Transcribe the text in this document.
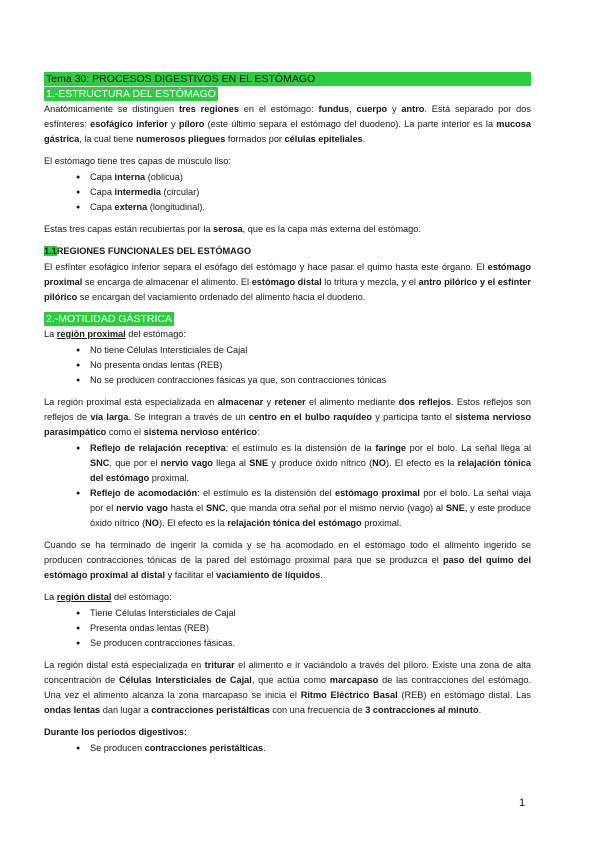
Tema 30: PROCESOS DIGESTIVOS EN EL ESTÓMAGO
1.-ESTRUCTURA DEL ESTÓMAGO

Anatómicamente se distinguen tres regiones en el estómago: fundus, cuerpo y antro. Está separado por dos esfínteres: esofágico inferior y píloro (este último separa el estómago del duodeno). La parte interior es la mucosa gástrica, la cual tiene numerosos pliegues formados por células epiteliales.

El estómago tiene tres capas de músculo liso:

● Capa interna (oblicua)
● Capa intermedia (circular)
● Capa externa (longitudinal).

Estas tres capas están recubiertas por la serosa, que es la capa más externa del estómago.

1.1REGIONES FUNCIONALES DEL ESTÓMAGO

El esfínter esofágico inferior separa el esófago del estómago y hace pasar el quimo hasta este órgano. El estómago proximal se encarga de almacenar el alimento. El estómago distal lo tritura y mezcla, y el antro pilórico y el esfínter pilórico se encargan del vaciamiento ordenado del alimento hacia el duodeno.

2.-MOTILIDAD GÁSTRICA

La región proximal del estómago:

● No tiene Células Intersticiales de Cajal
● No presenta ondas lentas (REB)
● No se producen contracciones fásicas ya que, son contracciones tónicas

La región proximal está especializada en almacenar y retener el alimento mediante dos reflejos. Estos reflejos son reflejos de vía larga. Se integran a través de un centro en el bulbo raquídeo y participa tanto el sistema nervioso parasimpático como el sistema nervioso entérico:

● Reflejo de relajación receptiva: el estímulo es la distensión de la faringe por el bolo. La señal llega al SNC, que por el nervio vago llega al SNE y produce óxido nítrico (NO). El efecto es la relajación tónica del estómago proximal.
● Reflejo de acomodación: el estímulo es la distensión del estómago proximal por el bolo. La señal viaja por el nervio vago hasta el SNC, que manda otra señal por el mismo nervio (vago) al SNE, y este produce óxido nítrico (NO). El efecto es la relajación tónica del estómago proximal.

Cuando se ha terminado de ingerir la comida y se ha acomodado en el estómago todo el alimento ingerido se producen contracciones tónicas de la pared del estómago proximal para que se produzca el paso del quimo del estómago proximal al distal y facilitar el vaciamiento de líquidos.

La región distal del estómago:

● Tiene Células Intersticiales de Cajal
● Presenta ondas lentas (REB)
● Se producen contracciones fásicas.

La región distal está especializada en triturar el alimento e ir vaciándolo a través del píloro. Existe una zona de alta concentración de Células Intersticiales de Cajal, que actúa como marcapaso de las contracciones del estómago. Una vez el alimento alcanza la zona marcapaso se inicia el Ritmo Eléctrico Basal (REB) en estómago distal. Las ondas lentas dan lugar a contracciones peristálticas con una frecuencia de 3 contracciones al minuto.

Durante los períodos digestivos:

● Se producen contracciones peristálticas.
1
